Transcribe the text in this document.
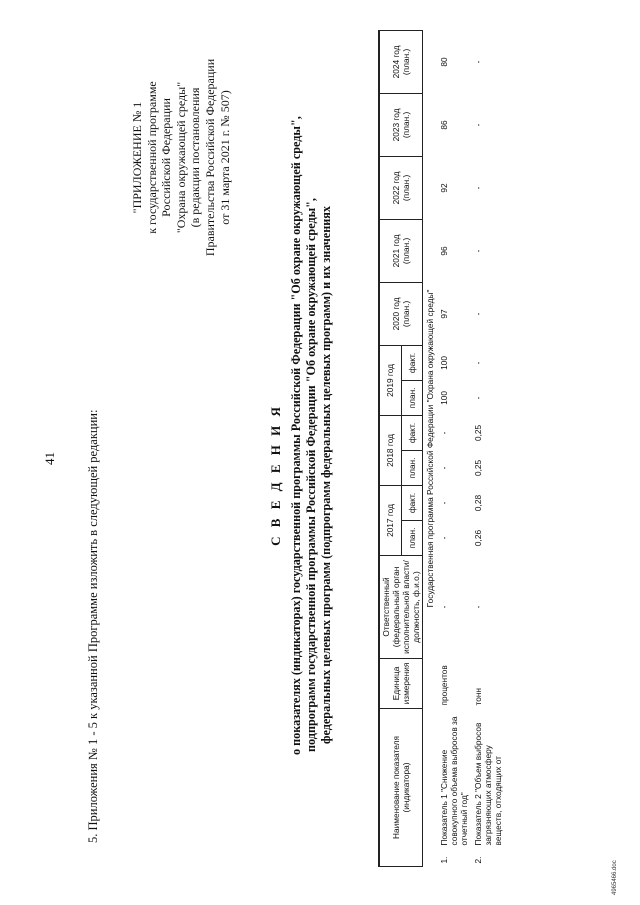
41 5. Приложения № 1 - 5 к указанной Программе изложить в следующей редакции:
"ПРИЛОЖЕНИЕ № 1 к государственной программе Российской Федерации "Охрана окружающей среды" (в редакции постановления Правительства Российской Федерации от 31 марта 2021 г. № 507)
С В Е Д Е Н И Я о показателях (индикаторах) государственной программы Российской Федерации "Об охране окружающей среды", подпрограмм государственной программы Российской Федерации "Об охране окружающей среды", федеральных целевых программ (подпрограмм федеральных целевых программ) и их значениях
Наименование показателя (индикатора)		Единица измерения	Ответственный (федеральный орган исполнительной власти/должность, ф.и.о.)	2017 год		2018 год		2019 год		2020 год (план.)	2021 год (план.)	2022 год (план.)	2023 год (план.)	2024 год (план.)
				план.	факт.	план.	факт.	план.	факт.					
Государственная программа Российской Федерации "Охрана окружающей среды"														
1.	Показатель 1 "Снижение совокупного объема выбросов за отчетный год"	процентов	-	-	-	-	-	100	100	97	96	92	86	80
2.	Показатель 2 "Объем выбросов загрязняющих атмосферу веществ, отходящих от	тонн	-	0,26	0,28	0,25	0,25	-	-	-	-	-	-	-
4965466.doc
